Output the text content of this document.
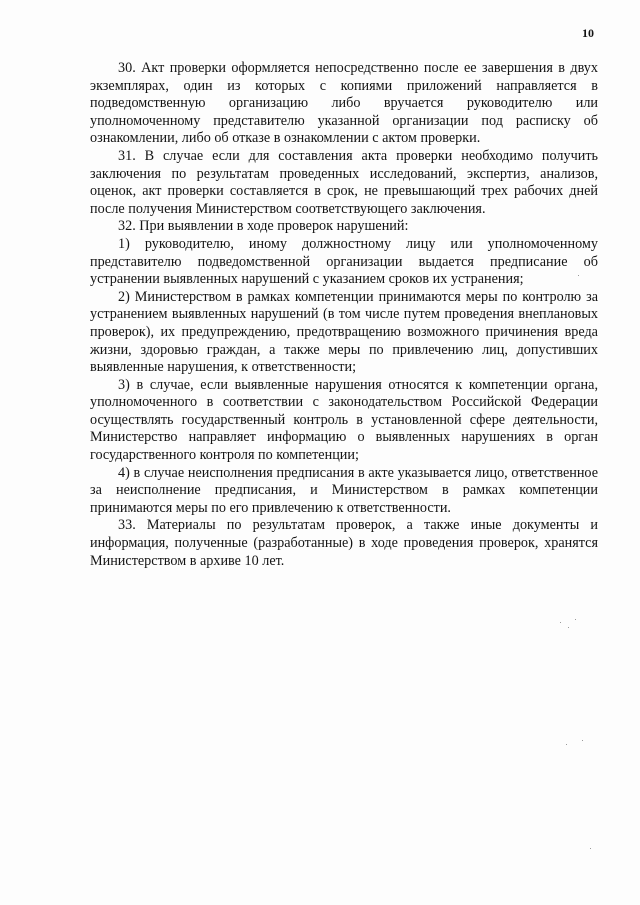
10

30. Акт проверки оформляется непосредственно после ее завершения в двух экземплярах, один из которых с копиями приложений направляется в подведомственную организацию либо вручается руководителю или уполномоченному представителю указанной организации под расписку об ознакомлении, либо об отказе в ознакомлении с актом проверки.

31. В случае если для составления акта проверки необходимо получить заключения по результатам проведенных исследований, экспертиз, анализов, оценок, акт проверки составляется в срок, не превышающий трех рабочих дней после получения Министерством соответствующего заключения.

32. При выявлении в ходе проверок нарушений:

1) руководителю, иному должностному лицу или уполномоченному представителю подведомственной организации выдается предписание об устранении выявленных нарушений с указанием сроков их устранения;

2) Министерством в рамках компетенции принимаются меры по контролю за устранением выявленных нарушений (в том числе путем проведения внеплановых проверок), их предупреждению, предотвращению возможного причинения вреда жизни, здоровью граждан, а также меры по привлечению лиц, допустивших выявленные нарушения, к ответственности;

3) в случае, если выявленные нарушения относятся к компетенции органа, уполномоченного в соответствии с законодательством Российской Федерации осуществлять государственный контроль в установленной сфере деятельности, Министерство направляет информацию о выявленных нарушениях в орган государственного контроля по компетенции;

4) в случае неисполнения предписания в акте указывается лицо, ответственное за неисполнение предписания, и Министерством в рамках компетенции принимаются меры по его привлечению к ответственности.

33. Материалы по результатам проверок, а также иные документы и информация, полученные (разработанные) в ходе проведения проверок, хранятся Министерством в архиве 10 лет.
